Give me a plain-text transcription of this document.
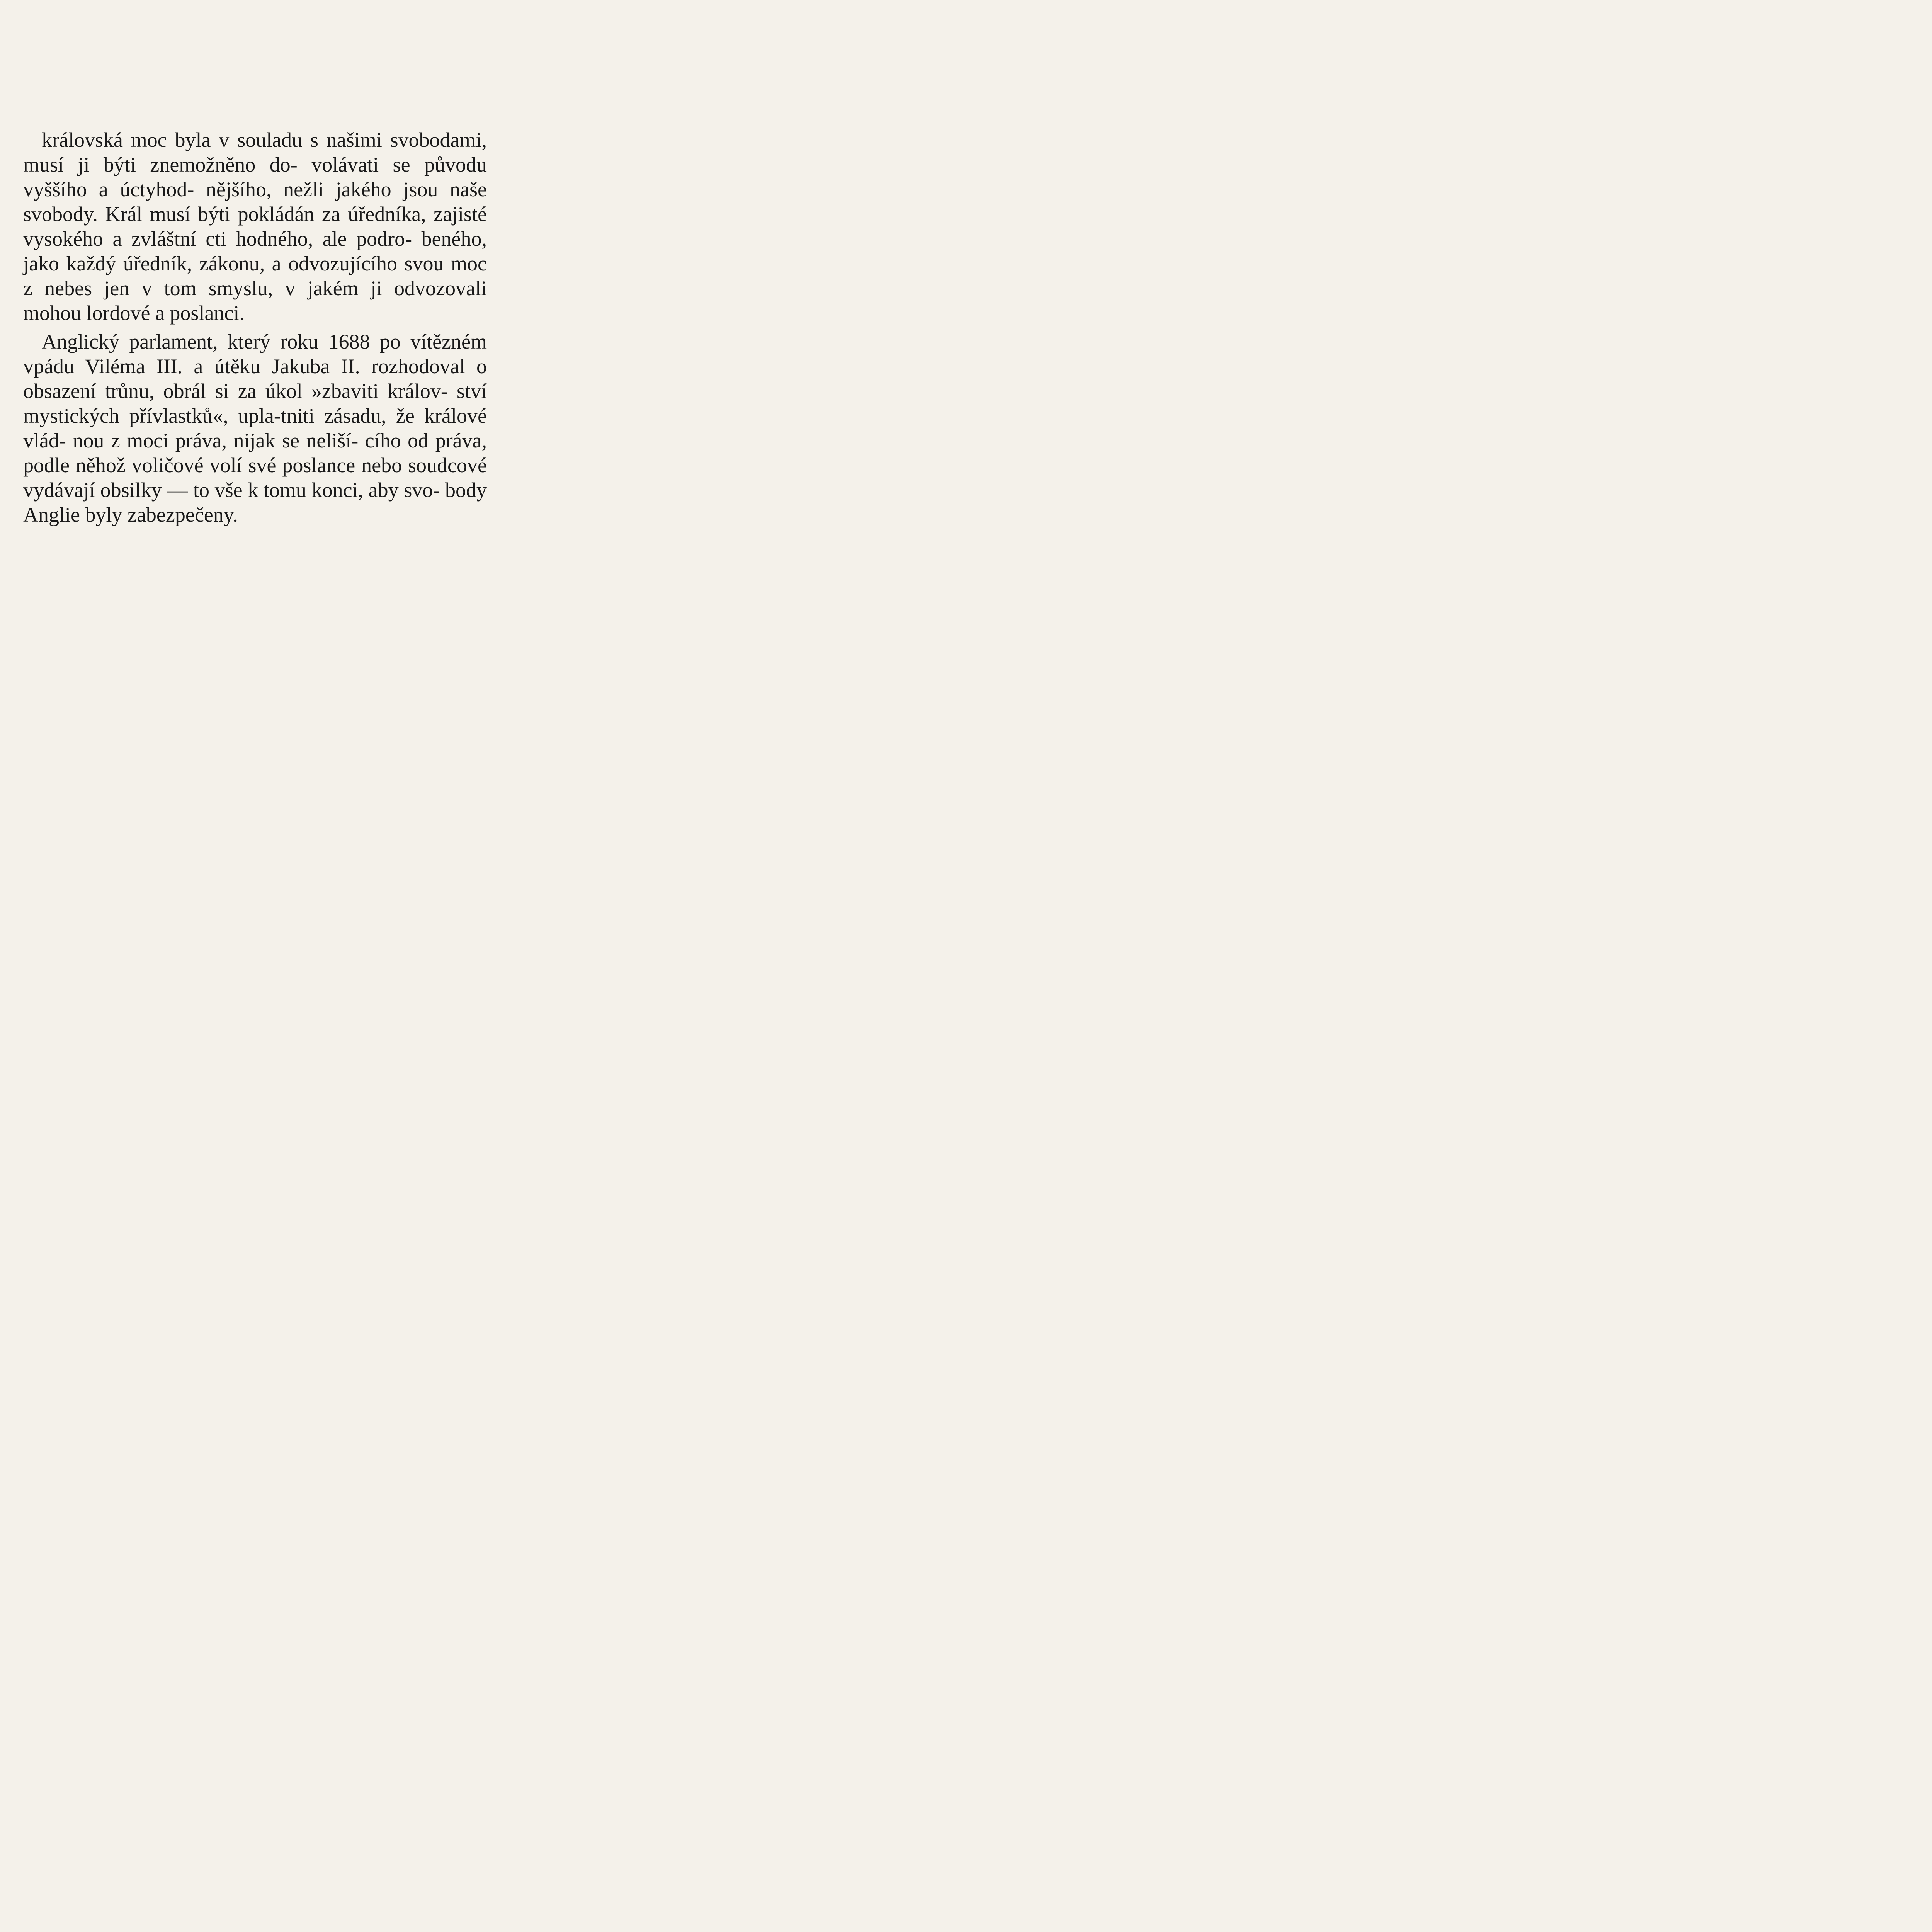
královská moc byla v souladu s našimi svobodami, musí ji býti znemožněno do- volávati se původu vyššího a úctyhod- nějšího, nežli jakého jsou naše svobody. Král musí býti pokládán za úředníka, zajisté vysokého a zvláštní cti hodného, ale podro- beného, jako každý úředník, zákonu, a odvozujícího svou moc z nebes jen v tom smyslu, v jakém ji odvozovali mohou lordové a poslanci.

Anglický parlament, který roku 1688 po vítězném vpádu Viléma III. a útěku Jakuba II. rozhodoval o obsazení trůnu, obrál si za úkol »zbaviti králov- ství mystických přívlastků«, upla‑tniti zásadu, že králové vlád- nou z moci práva, nijak se neliší- cího od práva, podle něhož voličové volí své poslance nebo soudcové vydávají obsilky — to vše k tomu konci, aby svo- body Anglie byly zabezpečeny.
